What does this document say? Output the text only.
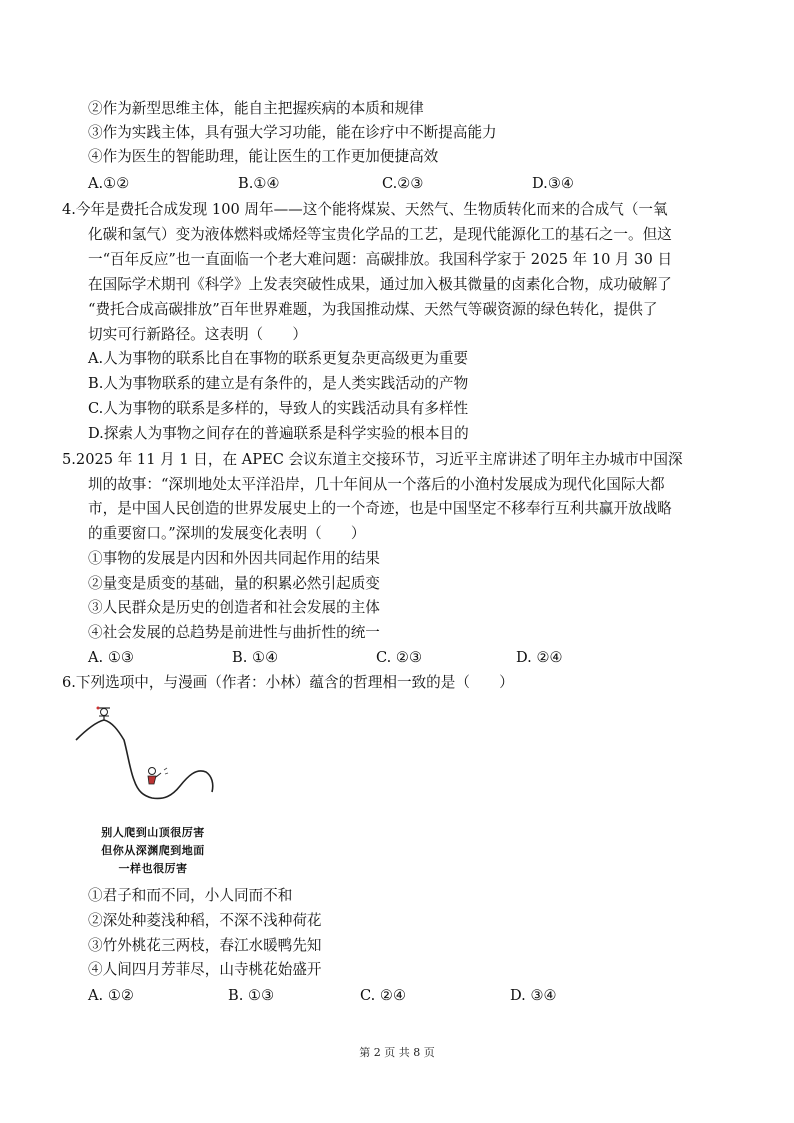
②作为新型思维主体，能自主把握疾病的本质和规律
③作为实践主体，具有强大学习功能，能在诊疗中不断提高能力
④作为医生的智能助理，能让医生的工作更加便捷高效
A.①②	B.①④	C.②③	D.③④
4.今年是费托合成发现 100 周年——这个能将煤炭、天然气、生物质转化而来的合成气（一氧
化碳和氢气）变为液体燃料或烯烃等宝贵化学品的工艺，是现代能源化工的基石之一。但这
一“百年反应”也一直面临一个老大难问题：高碳排放。我国科学家于 2025 年 10 月 30 日
在国际学术期刊《科学》上发表突破性成果，通过加入极其微量的卤素化合物，成功破解了
“费托合成高碳排放”百年世界难题，为我国推动煤、天然气等碳资源的绿色转化，提供了
切实可行新路径。这表明（　　）
A.人为事物的联系比自在事物的联系更复杂更高级更为重要
B.人为事物联系的建立是有条件的，是人类实践活动的产物
C.人为事物的联系是多样的，导致人的实践活动具有多样性
D.探索人为事物之间存在的普遍联系是科学实验的根本目的
5.2025 年 11 月 1 日，在 APEC 会议东道主交接环节，习近平主席讲述了明年主办城市中国深
圳的故事：“深圳地处太平洋沿岸，几十年间从一个落后的小渔村发展成为现代化国际大都
市，是中国人民创造的世界发展史上的一个奇迹，也是中国坚定不移奉行互利共赢开放战略
的重要窗口。”深圳的发展变化表明（　　）
①事物的发展是内因和外因共同起作用的结果
②量变是质变的基础，量的积累必然引起质变
③人民群众是历史的创造者和社会发展的主体
④社会发展的总趋势是前进性与曲折性的统一
A. ①③	B. ①④	C. ②③	D. ②④
6.下列选项中，与漫画（作者：小林）蕴含的哲理相一致的是（　　）
别人爬到山顶很厉害
但你从深渊爬到地面
一样也很厉害
①君子和而不同，小人同而不和
②深处种菱浅种稻，不深不浅种荷花
③竹外桃花三两枝，春江水暖鸭先知
④人间四月芳菲尽，山寺桃花始盛开
A. ①②	B. ①③	C. ②④	D. ③④
第 2 页 共 8 页
